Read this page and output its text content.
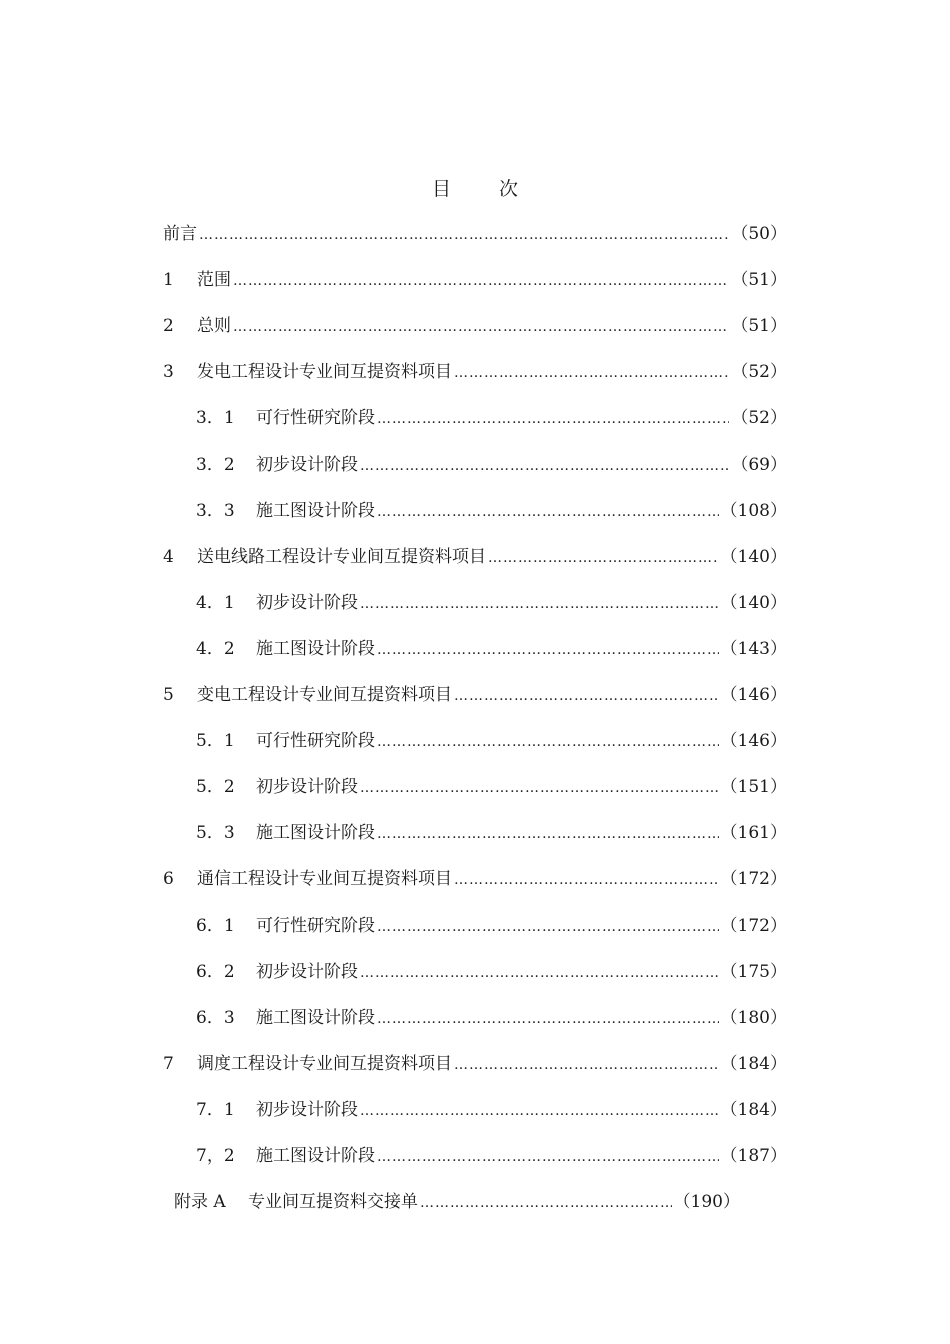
目	次
前言 …………………………………………………………………………………………………………………………………………………………………………………………………………	（50）
1	范围 …………………………………………………………………………………………………………………………………………………………………………………………………………	（51）
2	总则 …………………………………………………………………………………………………………………………………………………………………………………………………………	（51）
3	发电工程设计专业间互提资料项目 …………………………………………………………………………………………………………………………………………………………………………………………………………	（52）
3．1	可行性研究阶段 …………………………………………………………………………………………………………………………………………………………………………………………………………	（52）
3．2	初步设计阶段 …………………………………………………………………………………………………………………………………………………………………………………………………………	（69）
3．3	施工图设计阶段 …………………………………………………………………………………………………………………………………………………………………………………………………………	（108）
4	送电线路工程设计专业间互提资料项目 …………………………………………………………………………………………………………………………………………………………………………………………………………	（140）
4．1	初步设计阶段 …………………………………………………………………………………………………………………………………………………………………………………………………………	（140）
4．2	施工图设计阶段 …………………………………………………………………………………………………………………………………………………………………………………………………………	（143）
5	变电工程设计专业间互提资料项目 …………………………………………………………………………………………………………………………………………………………………………………………………………	（146）
5．1	可行性研究阶段 …………………………………………………………………………………………………………………………………………………………………………………………………………	（146）
5．2	初步设计阶段 …………………………………………………………………………………………………………………………………………………………………………………………………………	（151）
5．3	施工图设计阶段 …………………………………………………………………………………………………………………………………………………………………………………………………………	（161）
6	通信工程设计专业间互提资料项目 …………………………………………………………………………………………………………………………………………………………………………………………………………	（172）
6．1	可行性研究阶段 …………………………………………………………………………………………………………………………………………………………………………………………………………	（172）
6．2	初步设计阶段 …………………………………………………………………………………………………………………………………………………………………………………………………………	（175）
6．3	施工图设计阶段 …………………………………………………………………………………………………………………………………………………………………………………………………………	（180）
7	调度工程设计专业间互提资料项目 …………………………………………………………………………………………………………………………………………………………………………………………………………	（184）
7．1	初步设计阶段 …………………………………………………………………………………………………………………………………………………………………………………………………………	（184）
7，2	施工图设计阶段 …………………………………………………………………………………………………………………………………………………………………………………………………………	（187）
附录 A	专业间互提资料交接单 …………………………………………………………………………………………………………………………………………………………………………………………………………	（190）
